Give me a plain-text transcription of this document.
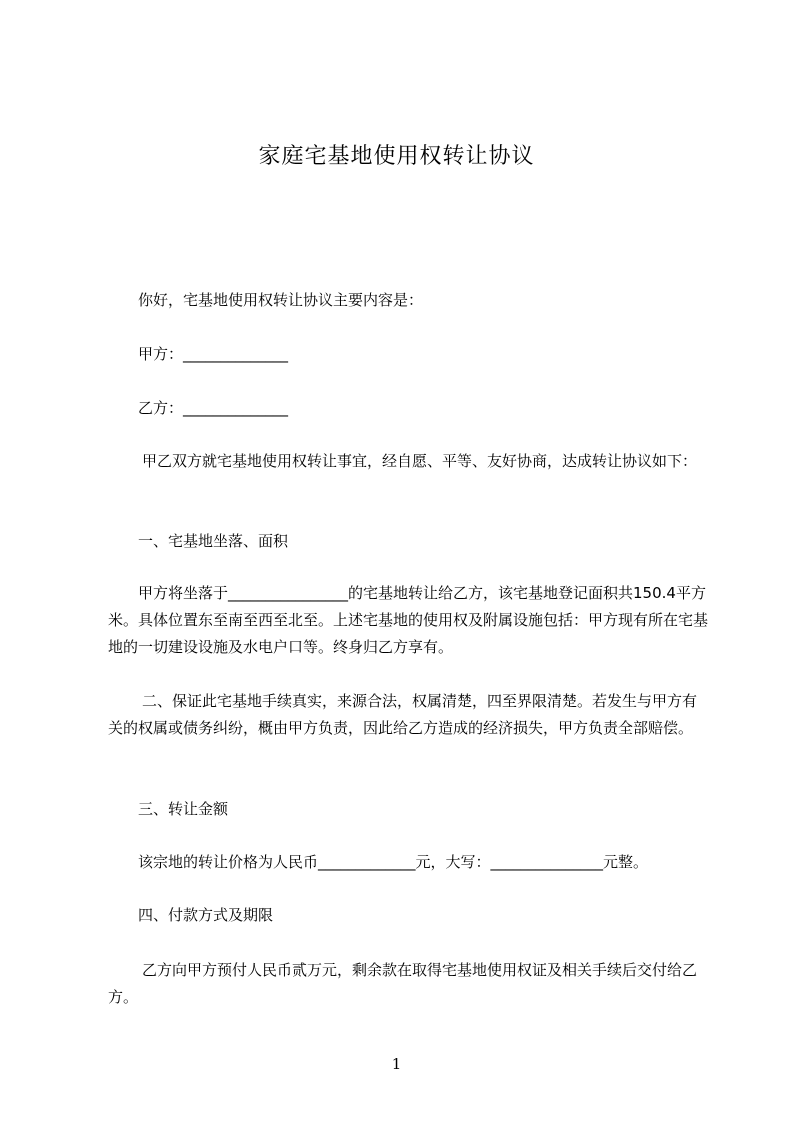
家庭宅基地使用权转让协议

你好，宅基地使用权转让协议主要内容是：

甲方：______________

乙方：______________

甲乙双方就宅基地使用权转让事宜，经自愿、平等、友好协商，达成转让协议如下：

一、宅基地坐落、面积

甲方将坐落于________________的宅基地转让给乙方，该宅基地登记面积共150.4平方米。具体位置东至南至西至北至。上述宅基地的使用权及附属设施包括：甲方现有所在宅基地的一切建设设施及水电户口等。终身归乙方享有。

二、保证此宅基地手续真实，来源合法，权属清楚，四至界限清楚。若发生与甲方有关的权属或债务纠纷，概由甲方负责，因此给乙方造成的经济损失，甲方负责全部赔偿。

三、转让金额

该宗地的转让价格为人民币_____________元，大写：_______________元整。

四、付款方式及期限

乙方向甲方预付人民币贰万元，剩余款在取得宅基地使用权证及相关手续后交付给乙方。

1
